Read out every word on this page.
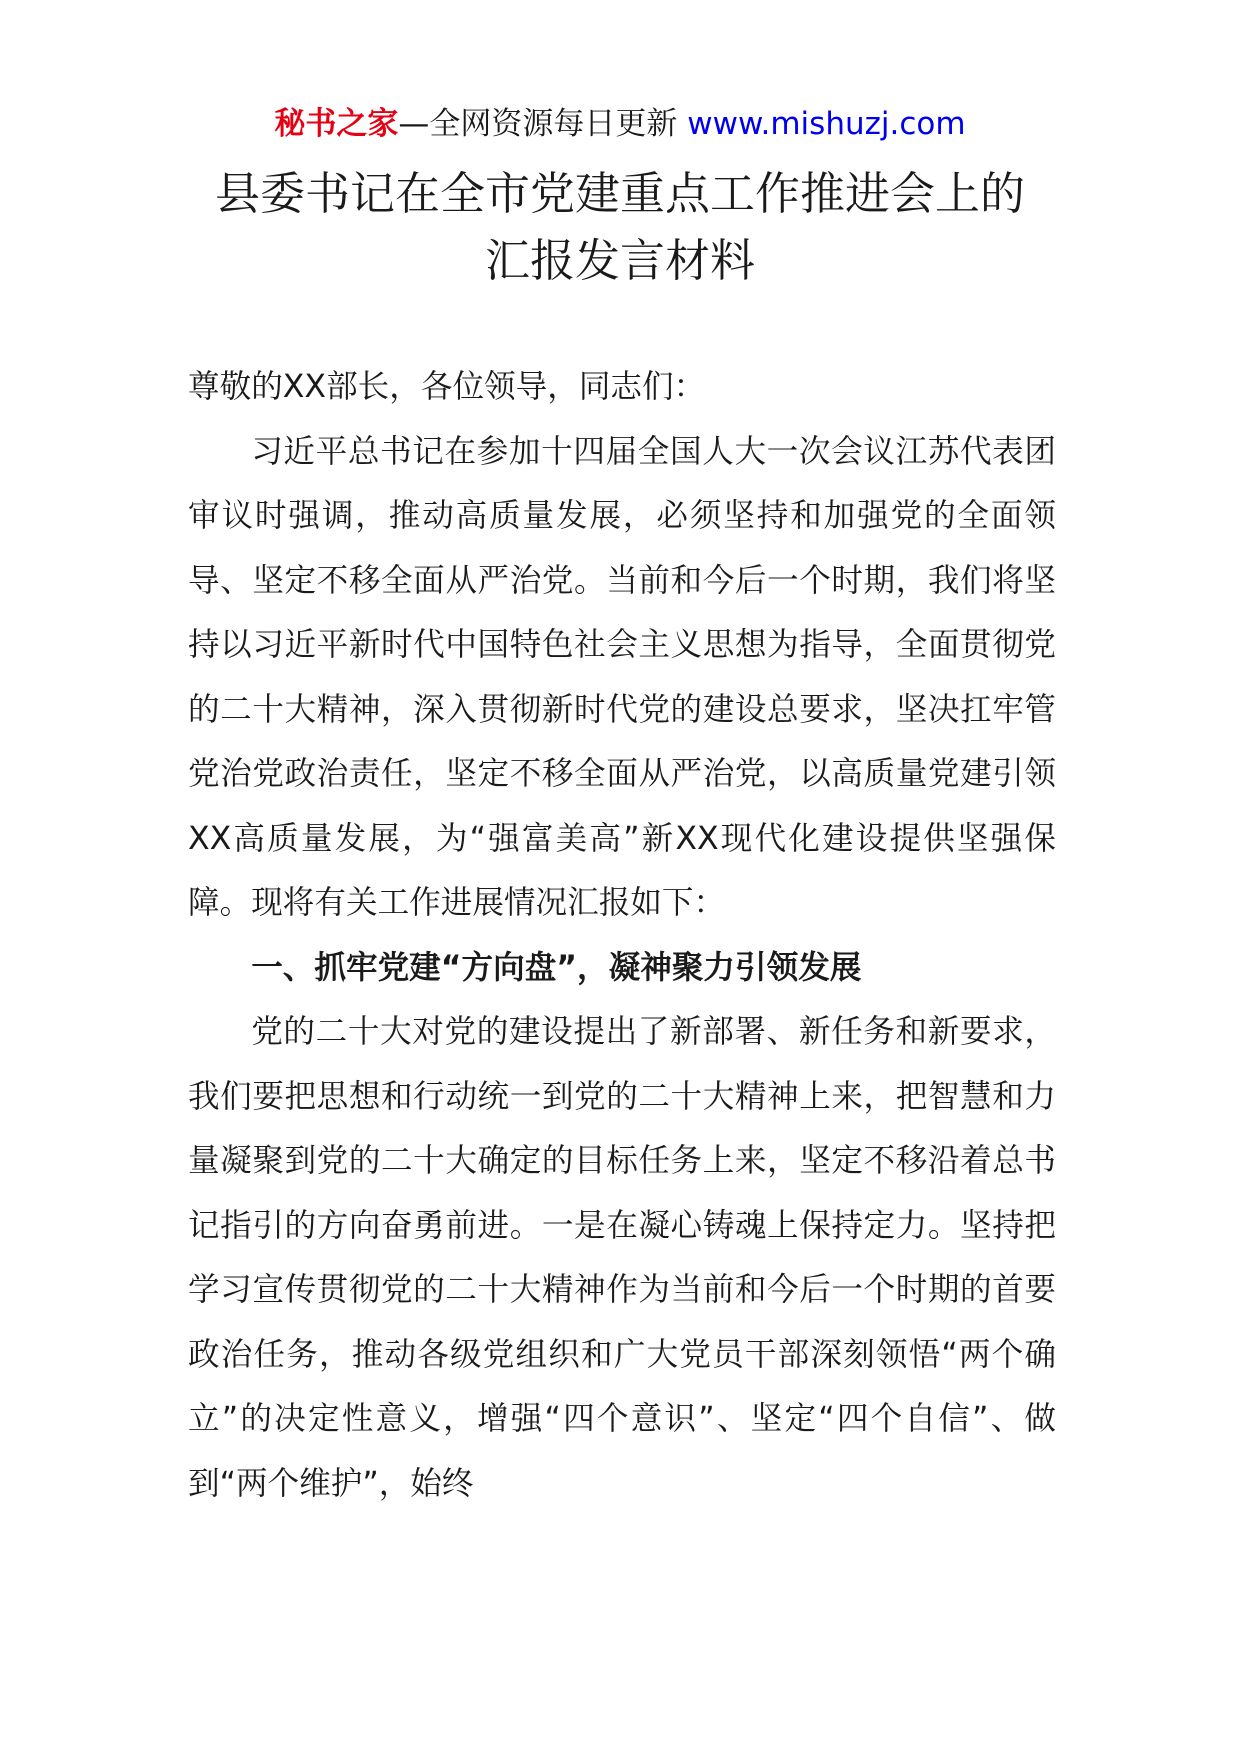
秘书之家—全网资源每日更新 www.mishuzj.com
县委书记在全市党建重点工作推进会上的
汇报发言材料

尊敬的XX部长，各位领导，同志们：

习近平总书记在参加十四届全国人大一次会议江苏代表团审议时强调，推动高质量发展，必须坚持和加强党的全面领导、坚定不移全面从严治党。当前和今后一个时期，我们将坚持以习近平新时代中国特色社会主义思想为指导，全面贯彻党的二十大精神，深入贯彻新时代党的建设总要求，坚决扛牢管党治党政治责任，坚定不移全面从严治党，以高质量党建引领XX高质量发展，为“强富美高”新XX现代化建设提供坚强保障。现将有关工作进展情况汇报如下：

一、抓牢党建“方向盘”，凝神聚力引领发展

党的二十大对党的建设提出了新部署、新任务和新要求，我们要把思想和行动统一到党的二十大精神上来，把智慧和力量凝聚到党的二十大确定的目标任务上来，坚定不移沿着总书记指引的方向奋勇前进。一是在凝心铸魂上保持定力。坚持把学习宣传贯彻党的二十大精神作为当前和今后一个时期的首要政治任务，推动各级党组织和广大党员干部深刻领悟“两个确立”的决定性意义，增强“四个意识”、坚定“四个自信”、做到“两个维护”，始终
